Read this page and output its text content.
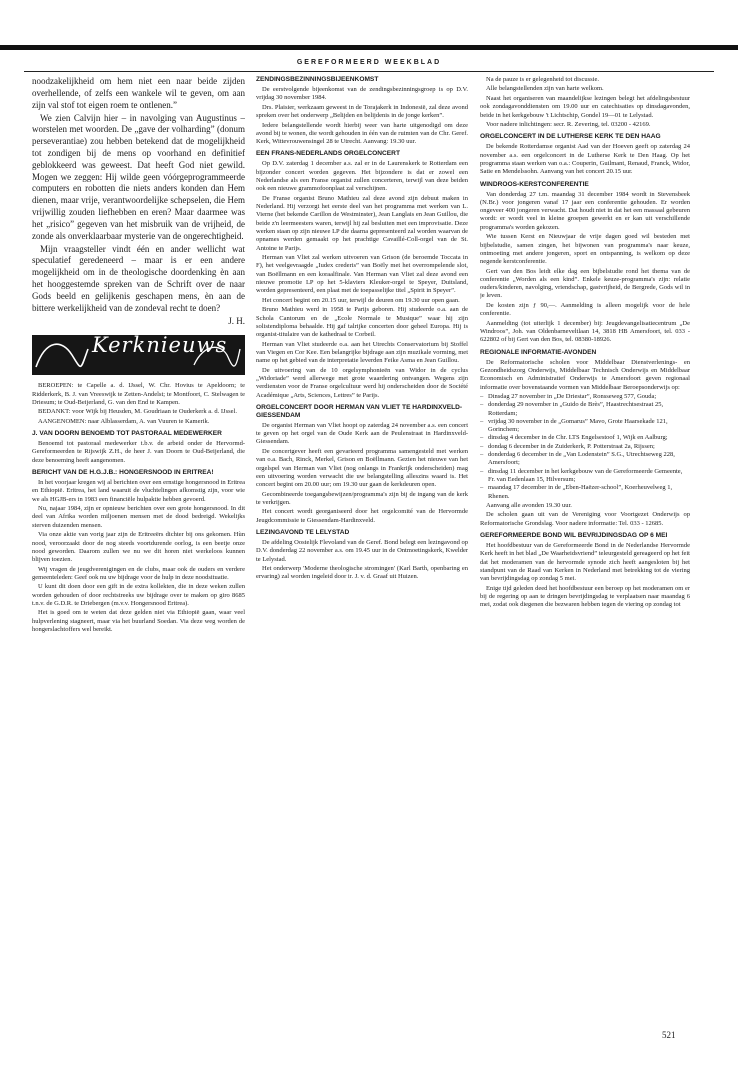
GEREFORMEERD WEEKBLAD

noodzakelijkheid om hem niet een naar beide zijden overhellende, of zelfs een wankele wil te geven, om aan zijn val stof tot eigen roem te ontlenen.”

We zien Calvijn hier – in navolging van Augustinus – worstelen met woorden. De „gave der volharding” (donum perseverantiae) zou hebben betekend dat de mogelijkheid tot zondigen bij de mens op voorhand en definitief geblokkeerd was geweest. Dat heeft God niet gewild. Mogen we zeggen: Hij wilde geen vóórgeprogrammeerde computers en robotten die niets anders konden dan Hem dienen, maar vrije, verantwoordelijke schepselen, die Hem vrijwillig zouden liefhebben en eren? Maar daarmee was het „risico” gegeven van het misbruik van de vrijheid, de zonde als onverklaarbaar mysterie van de ongerechtigheid.

Mijn vraagsteller vindt één en ander wellicht wat speculatief geredeneerd – maar is er een andere mogelijkheid om in de theologische doordenking èn aan het hooggestemde spreken van de Schrift over de naar Gods beeld en gelijkenis geschapen mens, èn aan de bittere werkelijkheid van de zondeval recht te doen?

J. H.

Kerknieuws

BEROEPEN: te Capelle a. d. IJssel, W. Chr. Hovius te Apeldoorn; te Ridderkerk, B. J. van Vreeswijk te Zetten-Andelst; te Montfoort, C. Stelwagen te Driesum; te Oud-Beijerland, G. van den End te Kampen.

BEDANKT: voor Wijk bij Heusden, M. Goudriaan te Ouderkerk a. d. IJssel.

AANGENOMEN: naar Alblasserdam, A. van Vuuren te Kamerik.

J. VAN DOORN BENOEMD TOT PASTORAAL MEDEWERKER

Benoemd tot pastoraal medewerker t.b.v. de arbeid onder de Hervormd-Gereformeerden te Rijswijk Z.H., de heer J. van Doorn te Oud-Beijerland, die deze benoeming heeft aangenomen.

BERICHT VAN DE H.G.J.B.: HONGERSNOOD IN ERITREA!

In het voorjaar kregen wij al berichten over een ernstige hongersnood in Eritrea en Ethiopië. Eritrea, het land waaruit de vluchtelingen afkomstig zijn, voor wie we als HGJB-ers in 1983 een financiële hulpaktie hebben gevoerd.

Nu, najaar 1984, zijn er opnieuw berichten over een grote hongersnood. In dit deel van Afrika worden miljoenen mensen met de dood bedreigd. Wekelijks sterven duizenden mensen.

Via onze aktie van vorig jaar zijn de Eritreeërs dichter bij ons gekomen. Hùn nood, veroorzaakt door de nog steeds voortdurende oorlog, is een beetje onze nood geworden. Daarom zullen we nu we dit horen niet werkeloos kunnen blijven toezien.

Wij vragen de jeugdverenigingen en de clubs, maar ook de ouders en verdere gemeenteleden: Geef ook nu uw bijdrage voor de hulp in deze noodsituatie.

U kunt dit doen door een gift in de extra kollekten, die in deze weken zullen worden gehouden of door rechtstreeks uw bijdrage over te maken op giro 8685 t.n.v. de G.D.R. te Driebergen (m.v.v. Hongersnood Eritrea).

Het is goed om te weten dat deze gelden niet via Ethiopië gaan, waar veel hulpverlening stagneert, maar via het buurland Soedan. Via deze weg worden de hongerslachtoffers wel bereikt.

ZENDINGSBEZINNINGSBIJEENKOMST

De eerstvolgende bijeenkomst van de zendingsbezinningsgroep is op D.V. vrijdag 30 november 1984.

Drs. Plaisier, werkzaam geweest in de Torajakerk in Indonesië, zal deze avond spreken over het onderwerp „Belijden en belijdenis in de jonge kerken”.

Iedere belangstellende wordt hierbij weer van harte uitgenodigd om deze avond bij te wonen, die wordt gehouden in één van de ruimten van de Chr. Geref. Kerk, Wittevrouwensingel 28 te Utrecht. Aanvang: 19.30 uur.

EEN FRANS-NEDERLANDS ORGELCONCERT

Op D.V. zaterdag 1 december a.s. zal er in de Laurenskerk te Rotterdam een bijzonder concert worden gegeven. Het bijzondere is dat er zowel een Nederlandse als een Franse organist zullen concerteren, terwijl van deze beiden ook een nieuwe grammofoonplaat zal verschijnen.

De Franse organist Bruno Mathieu zal deze avond zijn debuut maken in Nederland. Hij verzorgt het eerste deel van het programma met werken van L. Vierne (het bekende Carillon de Westminster), Jean Langlais en Jean Guillou, die beide z'n leermeesters waren, terwijl hij zal besluiten met een improvisatie. Deze werken staan op zijn nieuwe LP die daarna gepresenteerd zal worden waarvan de opnames werden gemaakt op het prachtige Cavaillé-Coll-orgel van de St. Antoine te Parijs.

Herman van Vliet zal werken uitvoeren van Grison (de beroemde Toccata in F), het veelgevraagde „Iudex crederis” van Boëly met het overrompelende slot, van Boëllmann en een koraalfinale. Van Herman van Vliet zal deze avond een nieuwe promotie LP op het 5-klaviers Kleuker-orgel te Speyer, Duitsland, worden gepresenteerd, een plaat met de toepasselijke titel „Spirit in Speyer”.

Het concert begint om 20.15 uur, terwijl de deuren om 19.30 uur open gaan.

Bruno Mathieu werd in 1958 te Parijs geboren. Hij studeerde o.a. aan de Schola Cantorum en de „Ecole Normale te Musique” waar hij zijn solistendiploma behaalde. Hij gaf talrijke concerten door geheel Europa. Hij is organist-titulaire van de kathedraal te Corbeil.

Herman van Vliet studeerde o.a. aan het Utrechts Conservatorium bij Stoffel van Viegen en Cor Kee. Een belangrijke bijdrage aan zijn muzikale vorming, met name op het gebied van de interpretatie leverden Feike Asma en Jean Guillou.

De uitvoering van de 10 orgelsymphonieën van Widor in de cyclus „Widoriade” werd allerwege met grote waardering ontvangen. Wegens zijn verdiensten voor de Franse orgelcultuur werd hij onderscheiden door de Société Académique „Arts, Sciences, Lettres” te Parijs.

ORGELCONCERT DOOR HERMAN VAN VLIET TE HARDINXVELD-GIESSENDAM

De organist Herman van Vliet hoopt op zaterdag 24 november a.s. een concert te geven op het orgel van de Oude Kerk aan de Peulenstraat in Hardinxveld-Giessendam.

De concertgever heeft een gevarieerd programma samengesteld met werken van o.a. Bach, Rinck, Merkel, Grison en Boëllmann. Gezien het nieuwe van het orgelspel van Herman van Vliet (nog onlangs in Frankrijk onderscheiden) mag een uitvoering worden verwacht die uw belangstelling alleszins waard is. Het concert begint om 20.00 uur; om 19.30 uur gaan de kerkdeuren open.

Gecombineerde toegangsbewijzen/programma's zijn bij de ingang van de kerk te verkrijgen.

Het concert wordt georganiseerd door het orgelcomité van de Hervormde Jeugdcommissie te Giessendam-Hardinxveld.

LEZINGAVOND TE LELYSTAD

De afdeling Oostelijk Flevoland van de Geref. Bond belegt een lezingavond op D.V. donderdag 22 november a.s. om 19.45 uur in de Ontmoetingskerk, Kwelder te Lelystad.

Het onderwerp 'Moderne theologische stromingen' (Karl Barth, openbaring en ervaring) zal worden ingeleid door ir. J. v. d. Graaf uit Huizen.

Na de pauze is er gelegenheid tot discussie.

Alle belangstellenden zijn van harte welkom.

Naast het organiseren van maandelijkse lezingen belegt het afdelingsbestuur ook zondagavonddiensten om 19.00 uur en catechisaties op dinsdagavonden, beide in het kerkgebouw 't Lichtschip, Gondel 19—01 te Lelystad.

Voor nadere inlichtingen: secr. R. Zevering, tel. 03200 - 42169.

ORGELCONCERT IN DE LUTHERSE KERK TE DEN HAAG

De bekende Rotterdamse organist Aad van der Hoeven geeft op zaterdag 24 november a.s. een orgelconcert in de Lutherse Kerk te Den Haag. Op het programma staan werken van o.a.: Couperin, Guilmant, Renaud, Franck, Widor, Satie en Mendelssohn. Aanvang van het concert 20.15 uur.

WINDROOS-KERSTCONFERENTIE

Van donderdag 27 t.m. maandag 31 december 1984 wordt in Stevensbeek (N.Br.) voor jongeren vanaf 17 jaar een conferentie gehouden. Er worden ongeveer 400 jongeren verwacht. Dat houdt niet in dat het een massaal gebeuren wordt: er wordt veel in kleine groepen gewerkt en er kan uit verschillende programma's worden gekozen.

Wie tussen Kerst en Nieuwjaar de vrije dagen goed wil besteden met bijbelstudie, samen zingen, het bijwonen van programma's naar keuze, ontmoeting met andere jongeren, sport en ontspanning, is welkom op deze negende kerstconferentie.

Gert van den Bos leidt elke dag een bijbelstudie rond het thema van de conferentie „Worden als een kind”. Enkele keuze-programma's zijn: relatie ouders/kinderen, navolging, vriendschap, gastvrijheid, de Bergrede, Gods wil in je leven.

De kosten zijn ƒ 90,—. Aanmelding is alleen mogelijk voor de hele conferentie.

Aanmelding (tot uiterlijk 1 december) bij: Jeugdevangelisatiecentrum „De Windroos”, Joh. van Oldenbarneveltlaan 14, 3818 HB Amersfoort, tel. 033 - 622802 of bij Gert van den Bos, tel. 08380-18926.

REGIONALE INFORMATIE-AVONDEN

De Reformatorische scholen voor Middelbaar Dienstverlenings- en Gezondheidszorg Onderwijs, Middelbaar Technisch Onderwijs en Middelbaar Economisch en Administratief Onderwijs te Amersfoort geven regionaal informatie over bovenstaande vormen van Middelbaar Beroepsonderwijs op:

– Dinsdag 27 november in „De Driestar”, Ronsseweg 577, Gouda;
– donderdag 29 november in „Guido de Brès”, Haastrechtsestraat 25, Rotterdam;
– vrijdag 30 november in de „Gomarus” Mavo, Grote Haarsekade 121, Gorinchem;
– dinsdag 4 december in de Chr. LTS Engelsestoof 1, Wijk en Aalburg;
– dondag 6 december in de Zuiderkerk, P. Potterstraat 2a, Rijssen;
– donderdag 6 december in de „Van Lodenstein” S.G., Utrechtseweg 228, Amersfoort;
– dinsdag 11 december in het kerkgebouw van de Gereformeerde Gemeente, Fr. van Eedenlaan 15, Hilversum;
– maandag 17 december in de „Eben-Haëzer-school”, Koerheuvelweg 1, Rhenen.

Aanvang alle avonden 19.30 uur.

De scholen gaan uit van de Vereniging voor Voortgezet Onderwijs op Reformatorische Grondslag. Voor nadere informatie: Tel. 033 - 12685.

GEREFORMEERDE BOND WIL BEVRIJDINGSDAG OP 6 MEI

Het hoofdbestuur van de Gereformeerde Bond in de Nederlandse Hervormde Kerk heeft in het blad „De Waarheidsvriend” teleurgesteld gereageerd op het feit dat het moderamen van de hervormde synode zich heeft aangesloten bij het standpunt van de Raad van Kerken in Nederland met betrekking tot de viering van bevrijdingsdag op zondag 5 mei.

Enige tijd geleden deed het hoofdbestuur een beroep op het moderamen om er bij de regering op aan te dringen bevrijdingsdag te verplaatsen naar maandag 6 mei, zodat ook diegenen die bezwaren hebben tegen de viering op zondag tot

521
